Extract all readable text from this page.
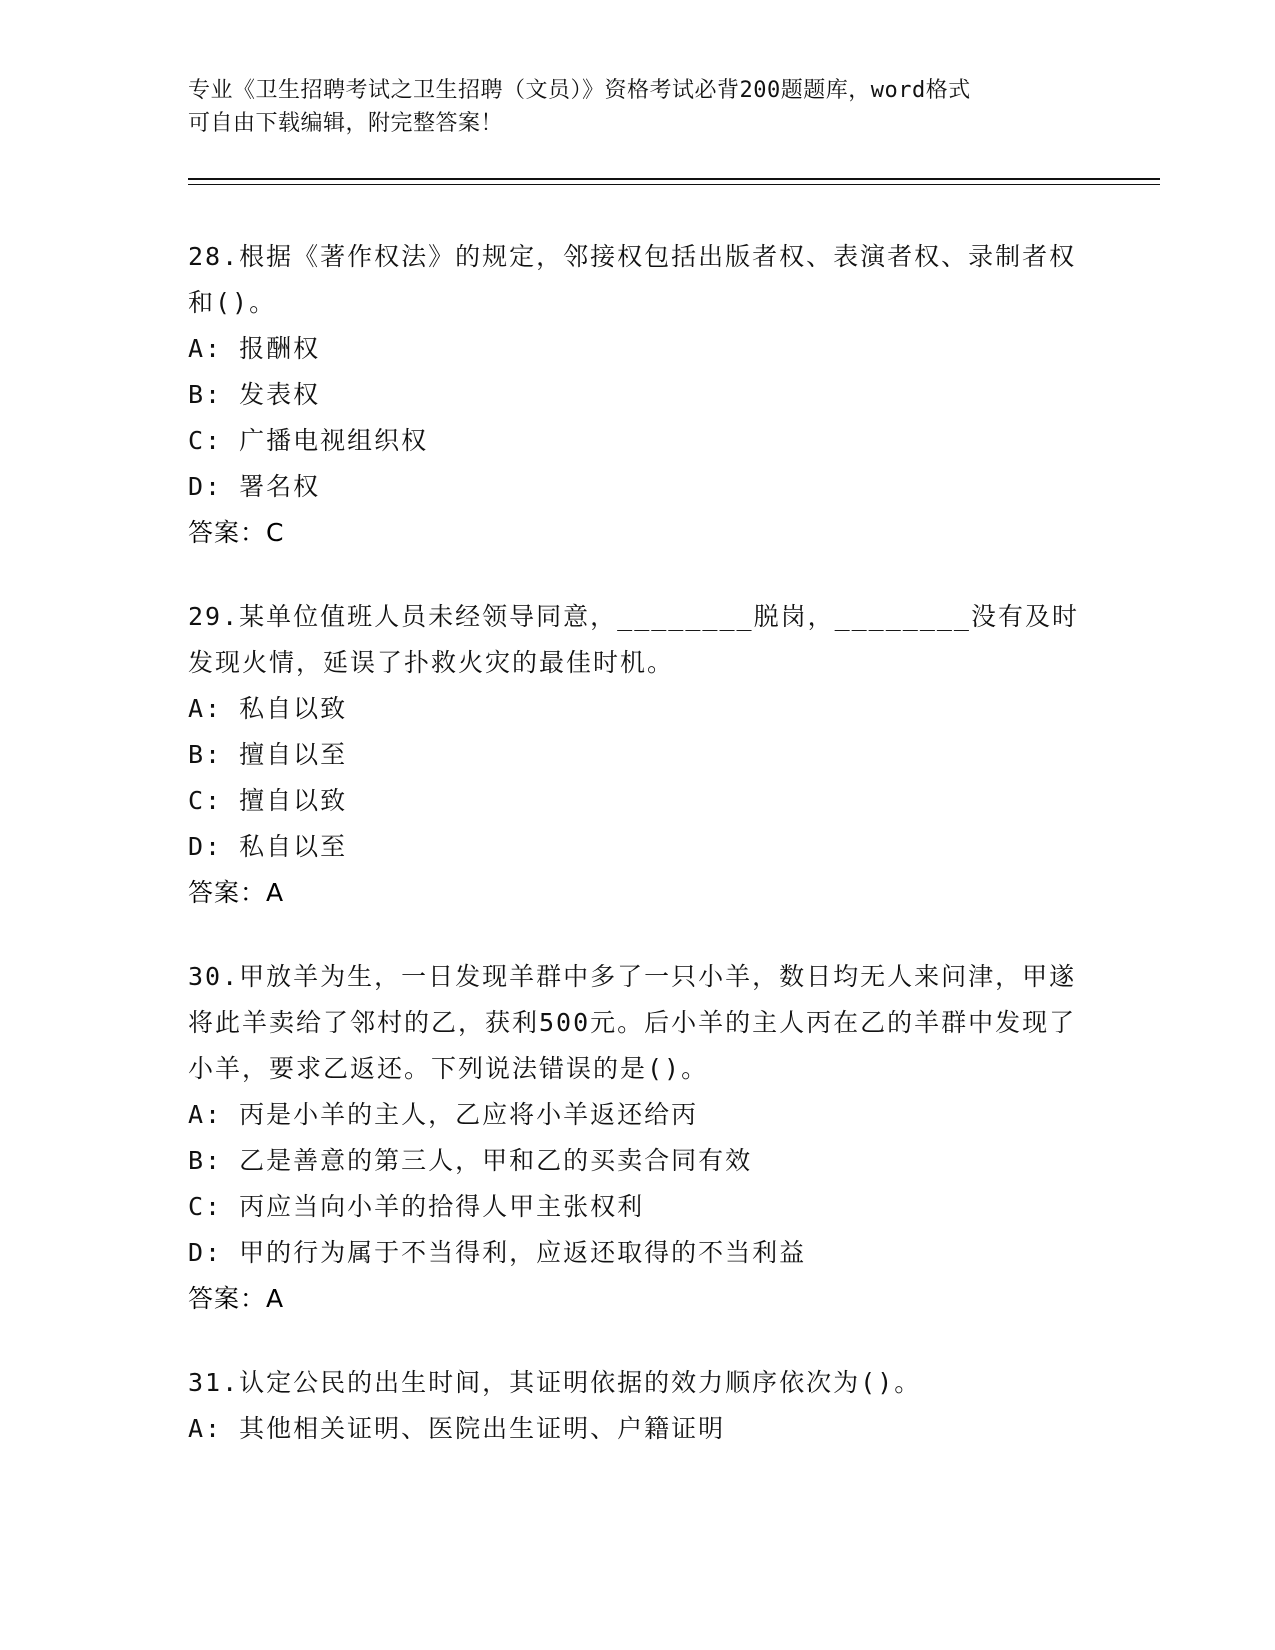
专业《卫生招聘考试之卫生招聘（文员）》资格考试必背200题题库，word格式
可自由下载编辑，附完整答案！
28.根据《著作权法》的规定，邻接权包括出版者权、表演者权、录制者权和()。
A: 报酬权
B: 发表权
C: 广播电视组织权
D: 署名权
答案：C
29.某单位值班人员未经领导同意，________脱岗，________没有及时发现火情，延误了扑救火灾的最佳时机。
A: 私自以致
B: 擅自以至
C: 擅自以致
D: 私自以至
答案：A
30.甲放羊为生，一日发现羊群中多了一只小羊，数日均无人来问津，甲遂将此羊卖给了邻村的乙，获利500元。后小羊的主人丙在乙的羊群中发现了小羊，要求乙返还。下列说法错误的是()。
A: 丙是小羊的主人，乙应将小羊返还给丙
B: 乙是善意的第三人，甲和乙的买卖合同有效
C: 丙应当向小羊的拾得人甲主张权利
D: 甲的行为属于不当得利，应返还取得的不当利益
答案：A
31.认定公民的出生时间，其证明依据的效力顺序依次为()。
A: 其他相关证明、医院出生证明、户籍证明
